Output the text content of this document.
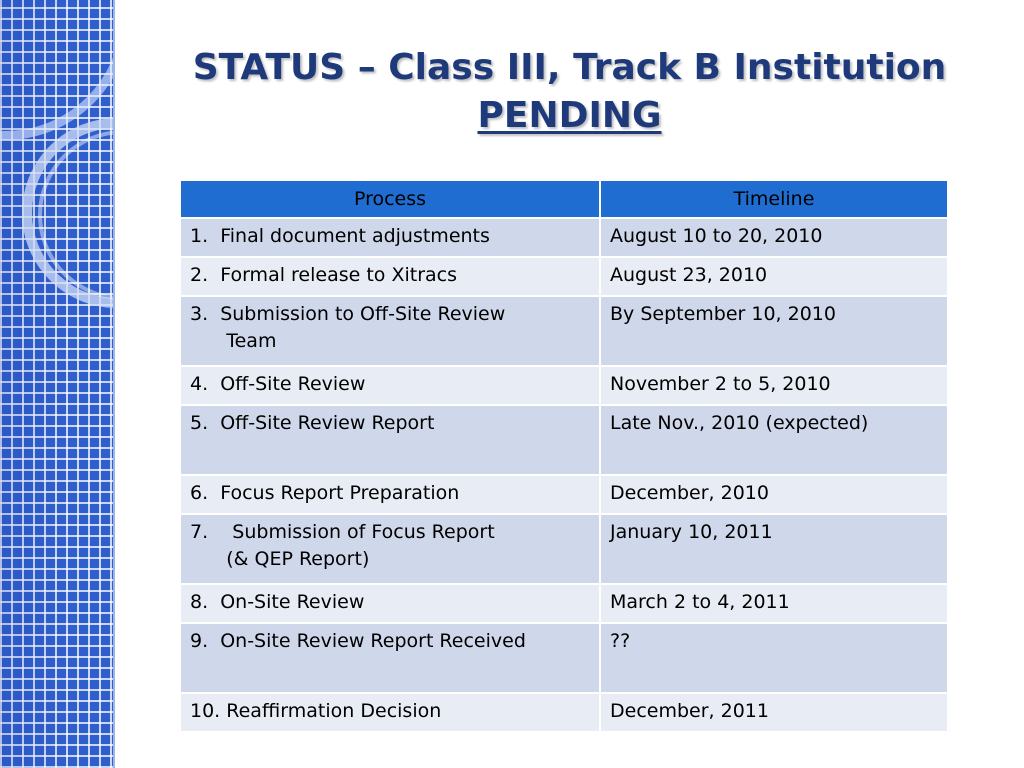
STATUS – Class III, Track B Institution
PENDING
Process	Timeline

1.  Final document adjustments	August 10 to 20, 2010

2.  Formal release to Xitracs	August 23, 2010

3.  Submission to Off-Site Review
Team	By September 10, 2010

4.  Off-Site Review	November 2 to 5, 2010

5.  Off-Site Review Report	Late Nov., 2010 (expected)

6.  Focus Report Preparation	December, 2010

7.    Submission of Focus Report
(& QEP Report)	January 10, 2011

8.  On-Site Review	March 2 to 4, 2011

9.  On-Site Review Report Received	??

10. Reaffirmation Decision	December, 2011
